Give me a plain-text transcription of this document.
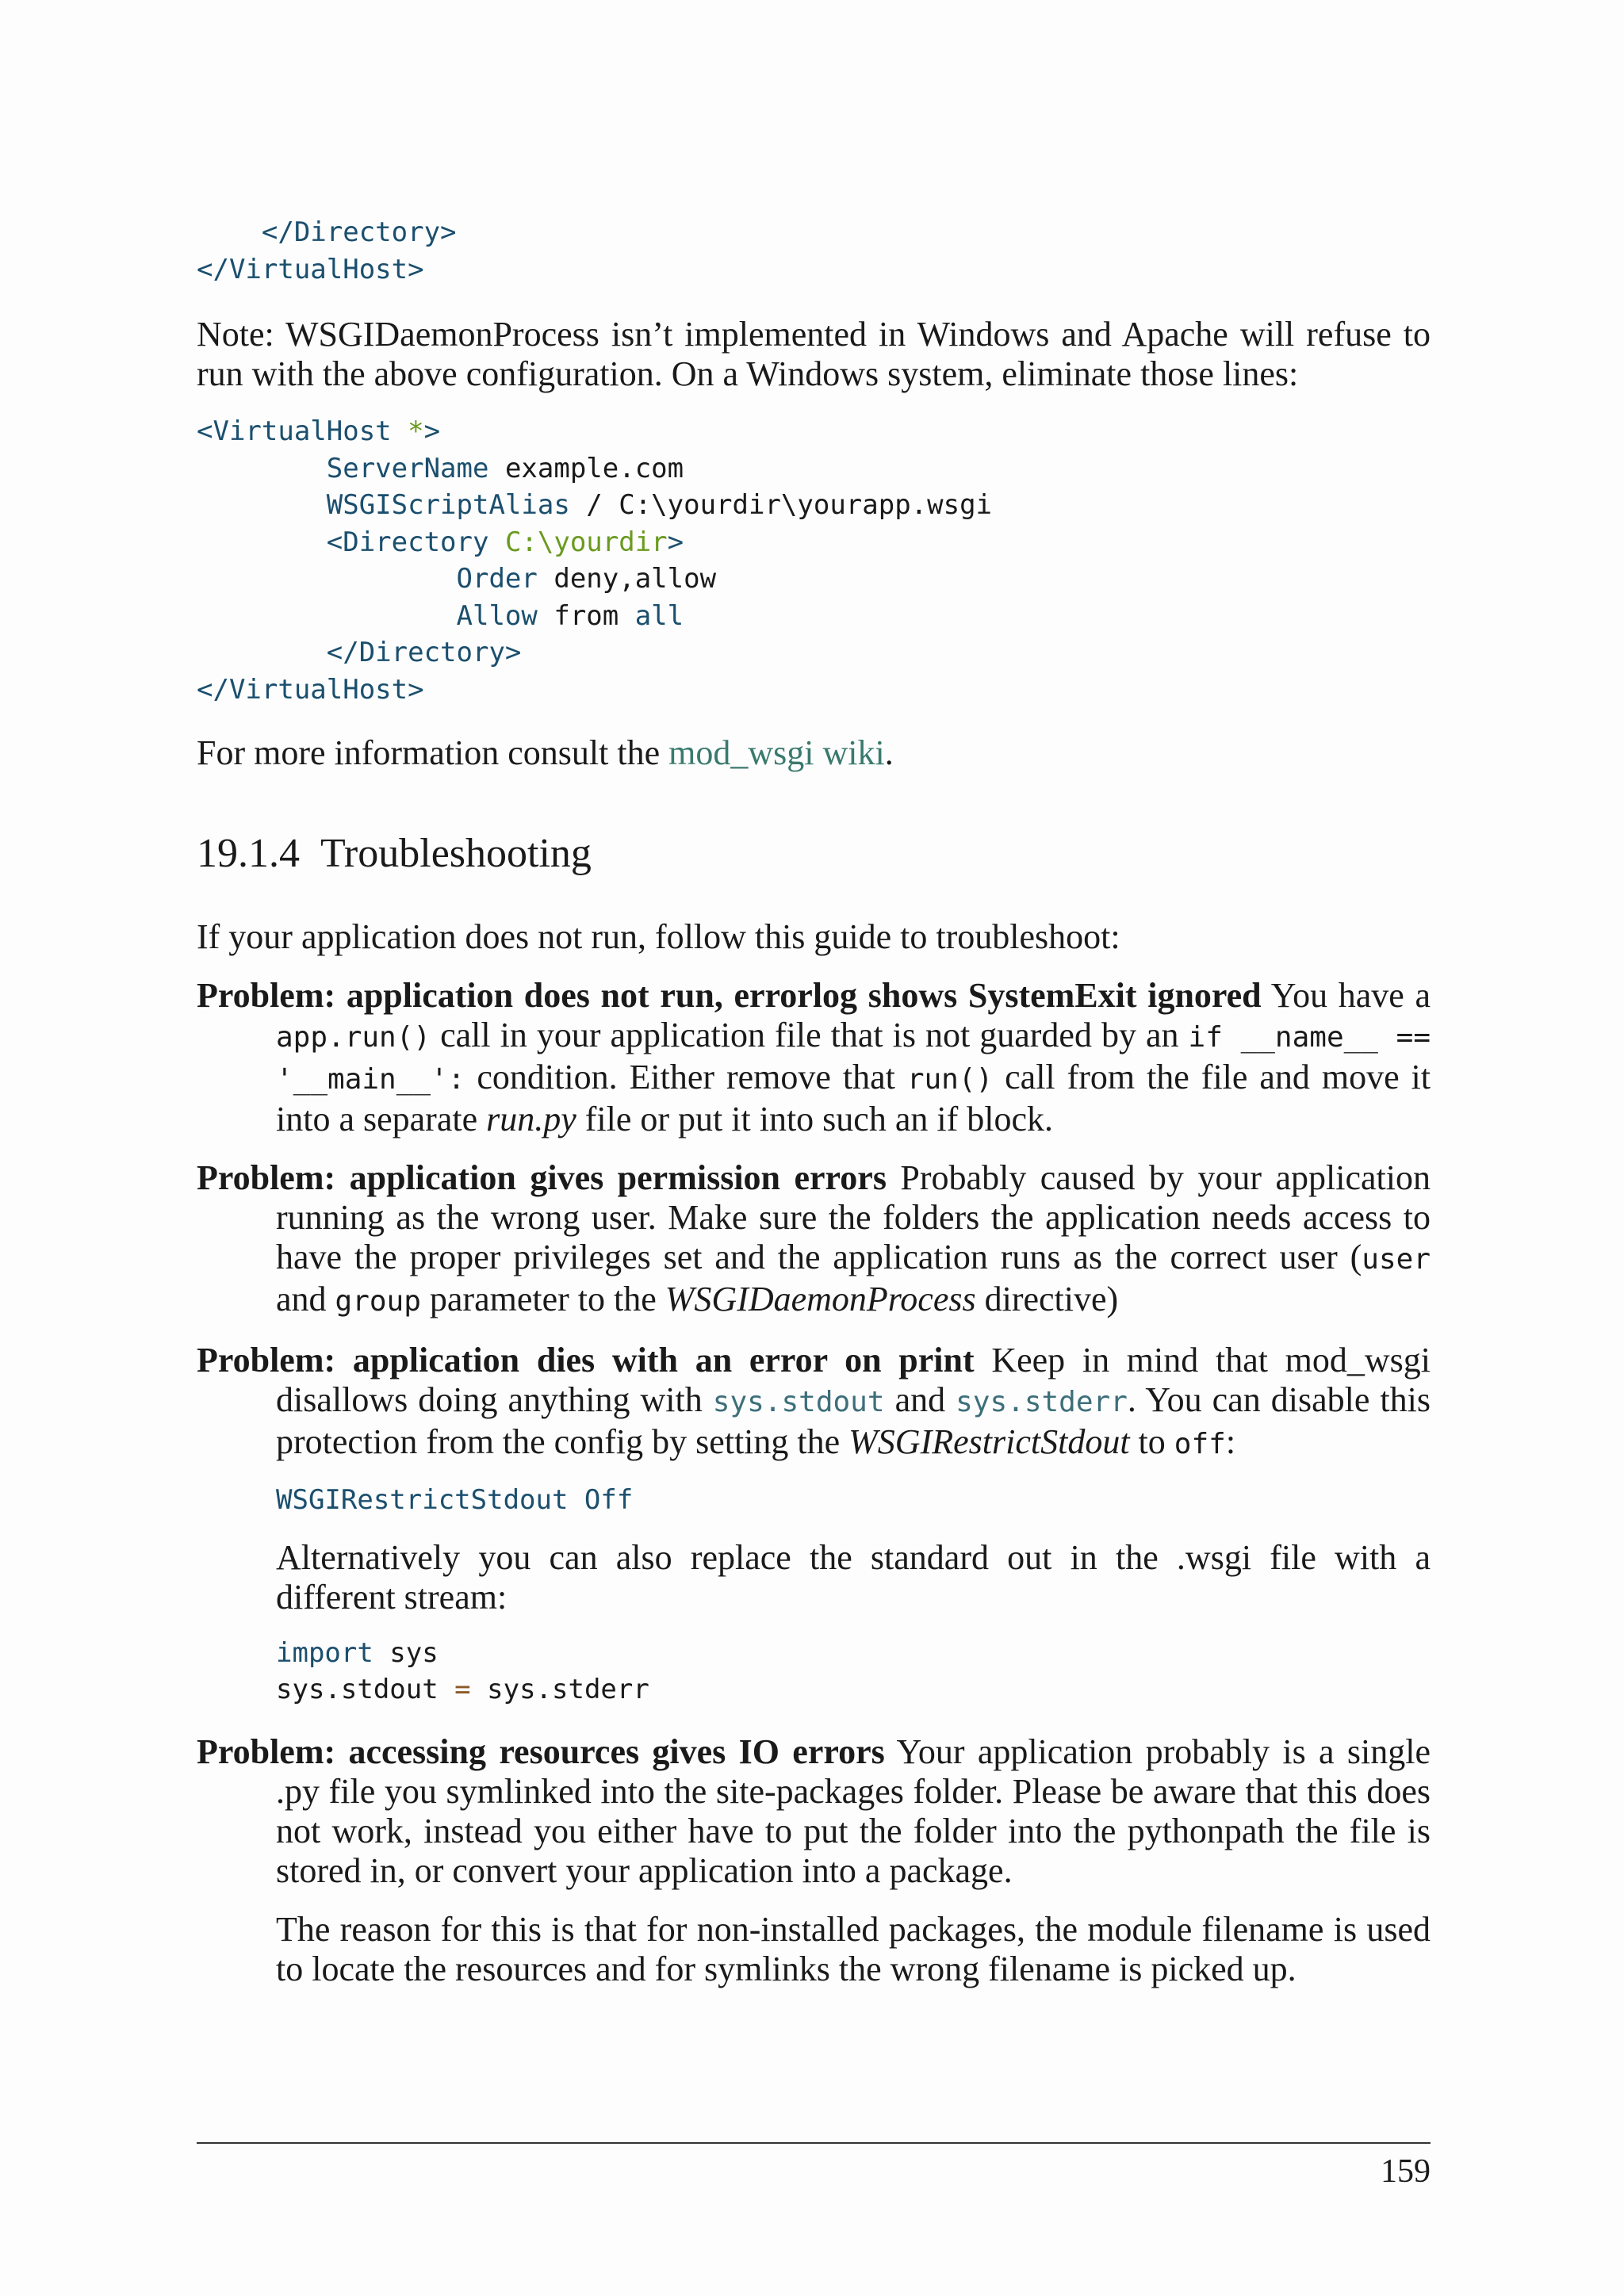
</Directory>
</VirtualHost>

Note: WSGIDaemonProcess isn’t implemented in Windows and Apache will refuse to run with the above configuration. On a Windows system, eliminate those lines:

<VirtualHost *>
ServerName example.com
WSGIScriptAlias / C:\yourdir\yourapp.wsgi
<Directory C:\yourdir>
Order deny,allow
Allow from all
</Directory>
</VirtualHost>

For more information consult the mod_wsgi wiki.

19.1.4 Troubleshooting

If your application does not run, follow this guide to troubleshoot:

Problem: application does not run, errorlog shows SystemExit ignored You have a app.run() call in your application file that is not guarded by an if __name__ == '__main__': condition. Either remove that run() call from the file and move it into a separate run.py file or put it into such an if block.

Problem: application gives permission errors Probably caused by your application running as the wrong user. Make sure the folders the application needs access to have the proper privileges set and the application runs as the correct user (user and group parameter to the WSGIDaemonProcess directive)

Problem: application dies with an error on print Keep in mind that mod_wsgi disallows doing anything with sys.stdout and sys.stderr. You can disable this protection from the config by setting the WSGIRestrictStdout to off:

WSGIRestrictStdout Off

Alternatively you can also replace the standard out in the .wsgi file with a different stream:

import sys
sys.stdout = sys.stderr

Problem: accessing resources gives IO errors Your application probably is a single .py file you symlinked into the site-packages folder. Please be aware that this does not work, instead you either have to put the folder into the pythonpath the file is stored in, or convert your application into a package.

The reason for this is that for non-installed packages, the module filename is used to locate the resources and for symlinks the wrong filename is picked up.

159
